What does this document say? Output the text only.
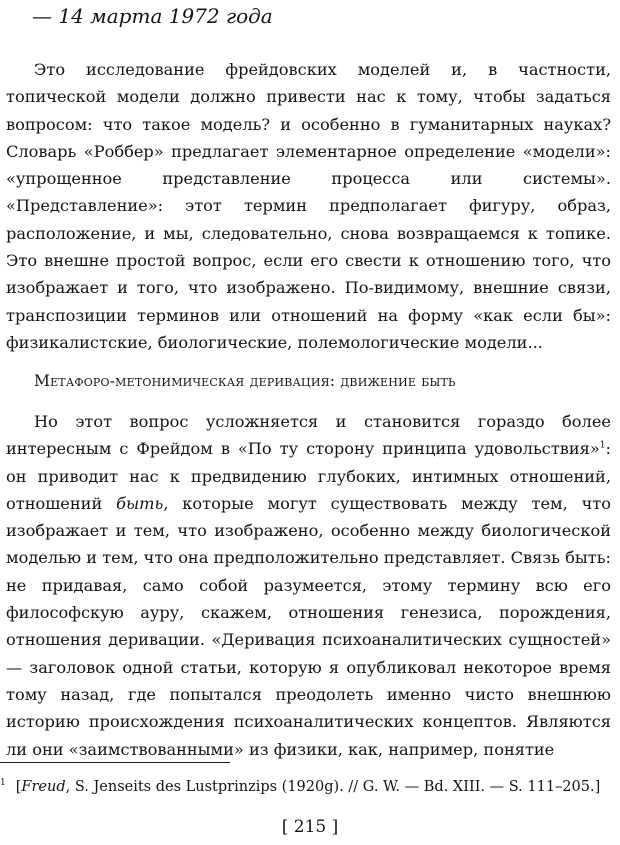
— 14 марта 1972 года

Это исследование фрейдовских моделей и, в частности, топической модели должно привести нас к тому, чтобы задаться вопросом: что такое модель? и особенно в гуманитарных науках? Словарь «Роббер» предлагает элементарное определение «модели»: «упрощенное представление процесса или системы». «Представление»: этот термин предполагает фигуру, образ, расположение, и мы, следовательно, снова возвращаемся к топике. Это внешне простой вопрос, если его свести к отношению того, что изображает и того, что изображено. По-видимому, внешние связи, транспозиции терминов или отношений на форму «как если бы»: физикалистские, биологические, полемологические модели...

Метафоро-метонимическая деривация: движение быть

Но этот вопрос усложняется и становится гораздо более интересным с Фрейдом в «По ту сторону принципа удовольствия»$^1$: он приводит нас к предвидению глубоких, интимных отношений, отношений быть, которые могут существовать между тем, что изображает и тем, что изображено, особенно между биологической моделью и тем, что она предположительно представляет. Связь быть: не придавая, само собой разумеется, этому термину всю его философскую ауру, скажем, отношения генезиса, порождения, отношения деривации. «Деривация психоаналитических сущностей» — заголовок одной статьи, которую я опубликовал некоторое время тому назад, где попытался преодолеть именно чисто внешнюю историю происхождения психоаналитических концептов. Являются ли они «заимствованными» из физики, как, например, понятие

$^1$ [Freud, S. Jenseits des Lustprinzips (1920g). // G. W. — Bd. XIII. — S. 111–205.]
[ 215 ]
